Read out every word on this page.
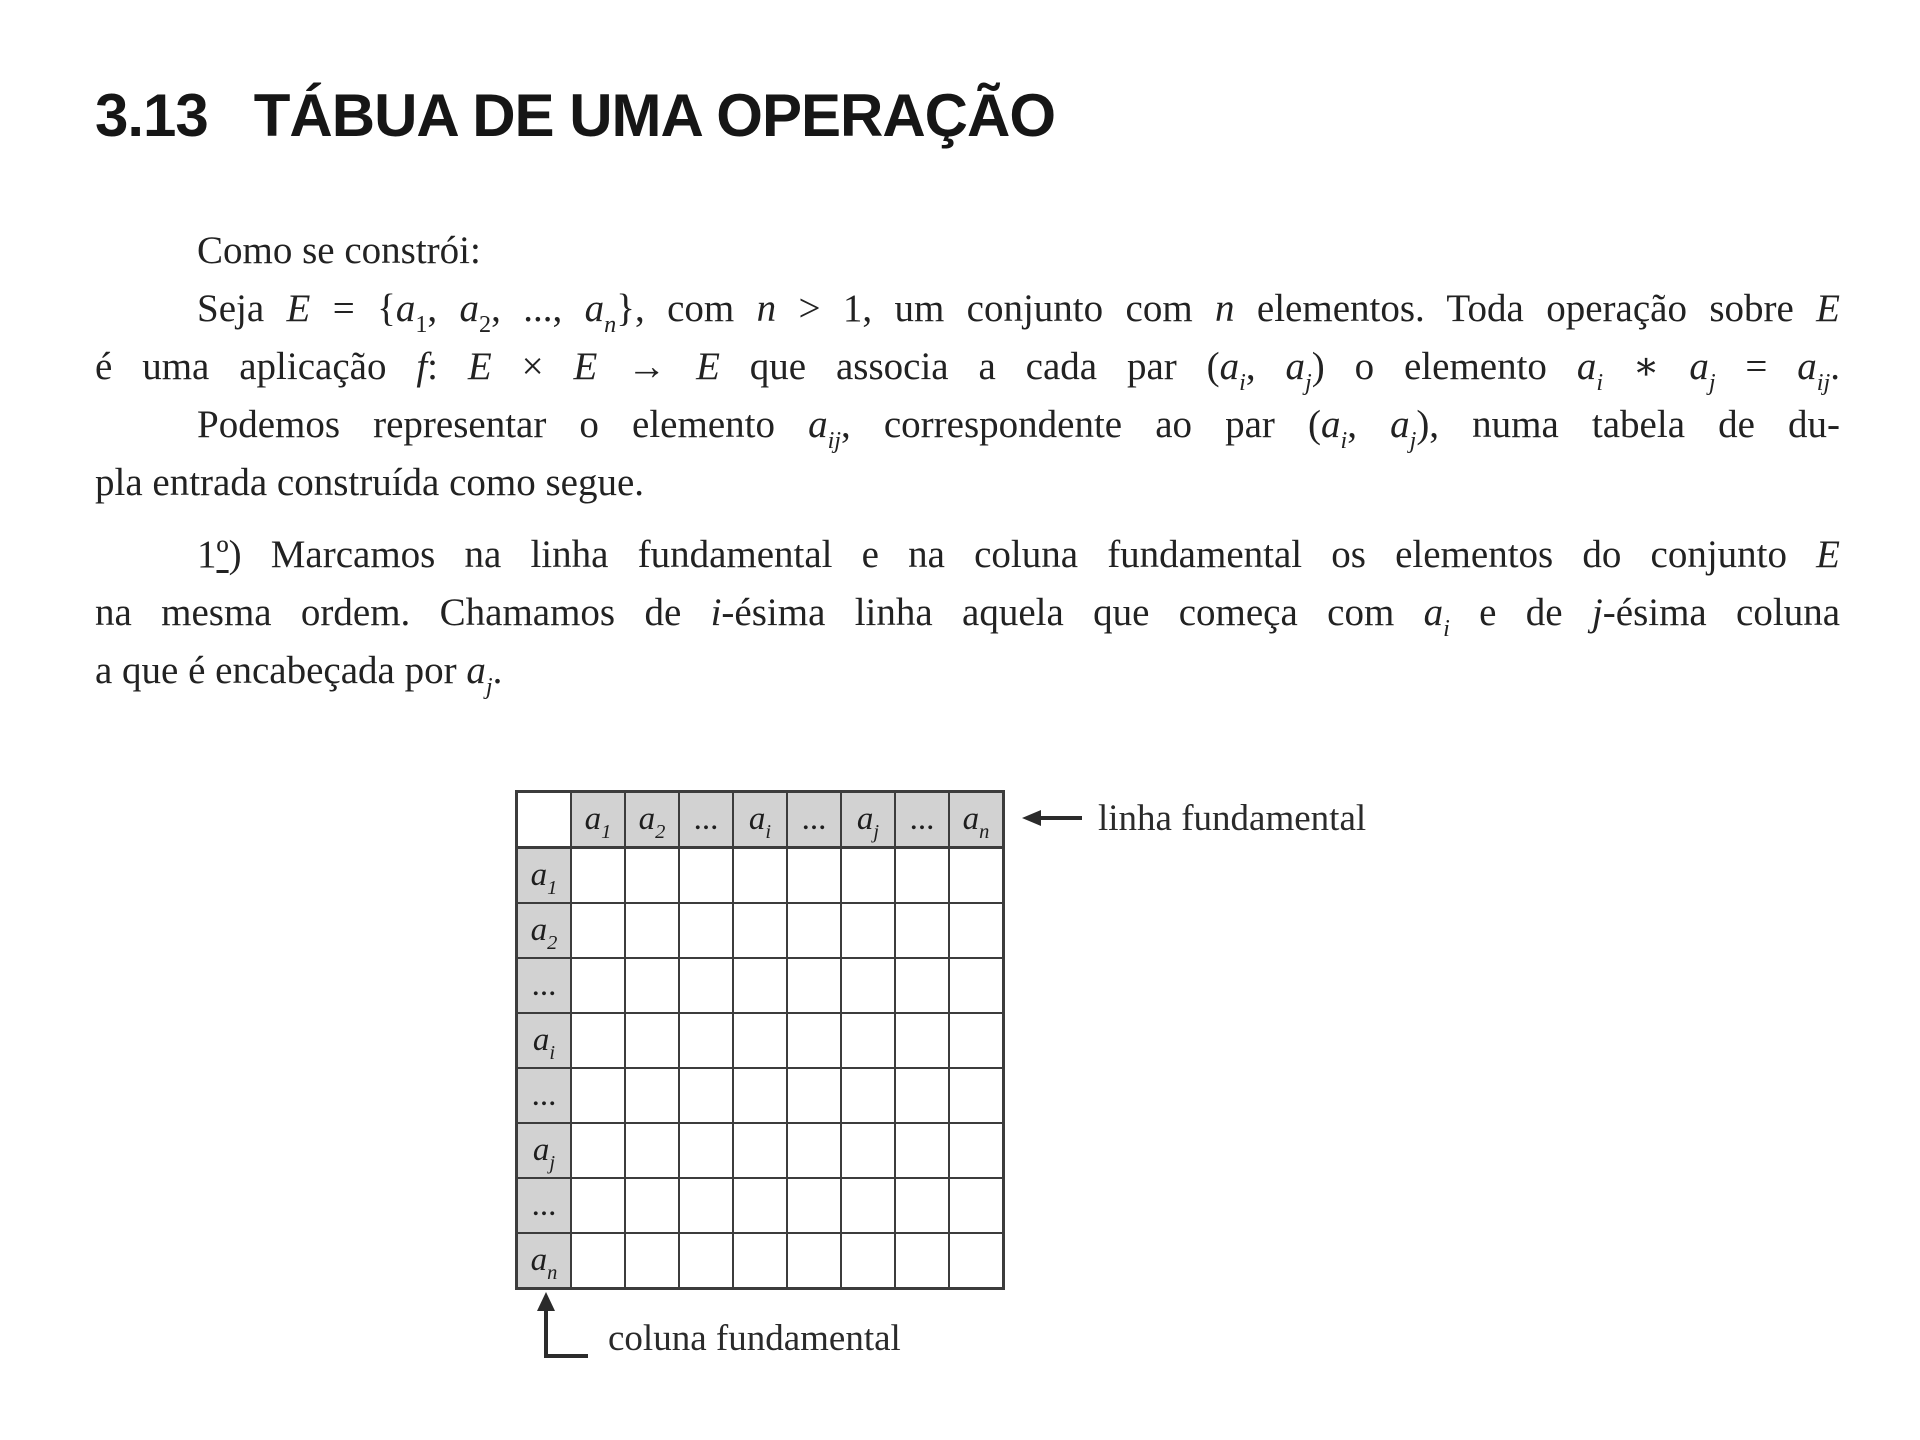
3.13 TÁBUA DE UMA OPERAÇÃO
Como se constrói:
Seja $E = \{a_1$, $a_2$, ..., $a_n$}, com n > 1, um conjunto com n elementos. Toda operação sobre E
é uma aplicação f: E × E → E que associa a cada par ($a_i$, $a_j$) o elemento $a_i$ ∗ $a_j = a_{ij}$.
Podemos representar o elemento $a_{ij}$, correspondente ao par ($a_i$, $a_j$), numa tabela de du-
pla entrada construída como segue.
1º) Marcamos na linha fundamental e na coluna fundamental os elementos do conjunto E
na mesma ordem. Chamamos de i-ésima linha aquela que começa com $a_i$ e de j-ésima coluna
a que é encabeçada por $a_j$.
	$a_1$	$a_2$	...	$a_i$	...	$a_j$	...	$a_n$
$a_1$								
$a_2$								
...								
$a_i$								
...								
$a_j$								
...								
$a_n$								
linha fundamental
coluna fundamental
